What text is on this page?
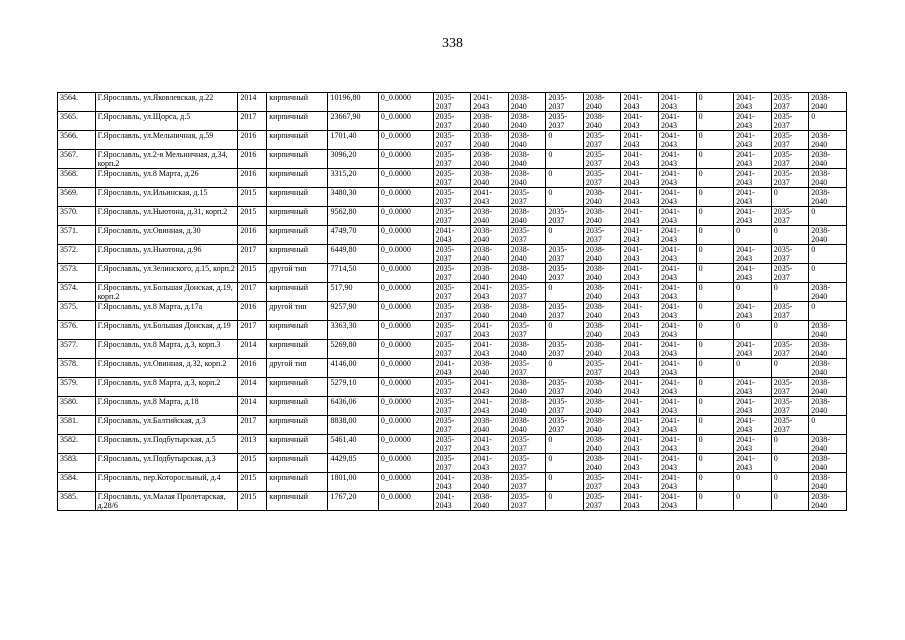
338
3564.	Г.Ярославль, ул.Яковлевская, д.22	2014	кирпичный	10196,80	0_0.0000	2035-2037	2041-2043	2038-2040	2035-2037	2038-2040	2041-2043	2041-2043	0	2041-2043	2035-2037	2038-2040
3565.	Г.Ярославль, ул.Щорса, д.5	2017	кирпичный	23667,90	0_0.0000	2035-2037	2038-2040	2038-2040	2035-2037	2038-2040	2041-2043	2041-2043	0	2041-2043	2035-2037	0
3566.	Г.Ярославль, ул.Мельничная, д.59	2016	кирпичный	1701,40	0_0.0000	2035-2037	2038-2040	2038-2040	0	2035-2037	2041-2043	2041-2043	0	2041-2043	2035-2037	2038-2040
3567.	Г.Ярославль, ул.2-я Мельничная, д.34, корп.2	2016	кирпичный	3096,20	0_0.0000	2035-2037	2038-2040	2038-2040	0	2035-2037	2041-2043	2041-2043	0	2041-2043	2035-2037	2038-2040
3568.	Г.Ярославль, ул.8 Марта, д.26	2016	кирпичный	3315,20	0_0.0000	2035-2037	2038-2040	2038-2040	0	2035-2037	2041-2043	2041-2043	0	2041-2043	2035-2037	2038-2040
3569.	Г.Ярославль, ул.Ильинская, д.15	2015	кирпичный	3480,30	0_0.0000	2035-2037	2041-2043	2035-2037	0	2038-2040	2041-2043	2041-2043	0	2041-2043	0	2038-2040
3570.	Г.Ярославль, ул.Ньютона, д.31, корп.2	2015	кирпичный	9562,80	0_0.0000	2035-2037	2038-2040	2038-2040	2035-2037	2038-2040	2041-2043	2041-2043	0	2041-2043	2035-2037	0
3571.	Г.Ярославль, ул.Овинная, д.30	2016	кирпичный	4749,70	0_0.0000	2041-2043	2038-2040	2035-2037	0	2035-2037	2041-2043	2041-2043	0	0	0	2038-2040
3572.	Г.Ярославль, ул.Ньютона, д.96	2017	кирпичный	6449,80	0_0.0000	2035-2037	2038-2040	2038-2040	2035-2037	2038-2040	2041-2043	2041-2043	0	2041-2043	2035-2037	0
3573.	Г.Ярославль, ул.Зелинского, д.15, корп.2	2015	другой тип	7714,50	0_0.0000	2035-2037	2038-2040	2038-2040	2035-2037	2038-2040	2041-2043	2041-2043	0	2041-2043	2035-2037	0
3574.	Г.Ярославль, ул.Большая Донская, д.19, корп.2	2017	кирпичный	517,90	0_0.0000	2035-2037	2041-2043	2035-2037	0	2038-2040	2041-2043	2041-2043	0	0	0	2038-2040
3575.	Г.Ярославль, ул.8 Марта, д.17а	2016	другой тип	9257,90	0_0.0000	2035-2037	2038-2040	2038-2040	2035-2037	2038-2040	2041-2043	2041-2043	0	2041-2043	2035-2037	0
3576.	Г.Ярославль, ул.Большая Донская, д.19	2017	кирпичный	3363,30	0_0.0000	2035-2037	2041-2043	2035-2037	0	2038-2040	2041-2043	2041-2043	0	0	0	2038-2040
3577.	Г.Ярославль, ул.8 Марта, д.3, корп.3	2014	кирпичный	5269,80	0_0.0000	2035-2037	2041-2043	2038-2040	2035-2037	2038-2040	2041-2043	2041-2043	0	2041-2043	2035-2037	2038-2040
3578.	Г.Ярославль, ул.Овинная, д.32, корп.2	2016	другой тип	4146,00	0_0.0000	2041-2043	2038-2040	2035-2037	0	2035-2037	2041-2043	2041-2043	0	0	0	2038-2040
3579.	Г.Ярославль, ул.8 Марта, д.3, корп.2	2014	кирпичный	5279,10	0_0.0000	2035-2037	2041-2043	2038-2040	2035-2037	2038-2040	2041-2043	2041-2043	0	2041-2043	2035-2037	2038-2040
3580.	Г.Ярославль, ул.8 Марта, д.18	2014	кирпичный	6436,06	0_0.0000	2035-2037	2041-2043	2038-2040	2035-2037	2038-2040	2041-2043	2041-2043	0	2041-2043	2035-2037	2038-2040
3581.	Г.Ярославль, ул.Балтийская, д.3	2017	кирпичный	8838,00	0_0.0000	2035-2037	2038-2040	2038-2040	2035-2037	2038-2040	2041-2043	2041-2043	0	2041-2043	2035-2037	0
3582.	Г.Ярославль, ул.Подбутырская, д.5	2013	кирпичный	5461,40	0_0.0000	2035-2037	2041-2043	2035-2037	0	2038-2040	2041-2043	2041-2043	0	2041-2043	0	2038-2040
3583.	Г.Ярославль, ул.Подбутырская, д.3	2015	кирпичный	4429,85	0_0.0000	2035-2037	2041-2043	2035-2037	0	2038-2040	2041-2043	2041-2043	0	2041-2043	0	2038-2040
3584.	Г.Ярославль, пер.Которосльный, д.4	2015	кирпичный	1801,00	0_0.0000	2041-2043	2038-2040	2035-2037	0	2035-2037	2041-2043	2041-2043	0	0	0	2038-2040
3585.	Г.Ярославль, ул.Малая Пролетарская, д.28/6	2015	кирпичный	1767,20	0_0.0000	2041-2043	2038-2040	2035-2037	0	2035-2037	2041-2043	2041-2043	0	0	0	2038-2040
